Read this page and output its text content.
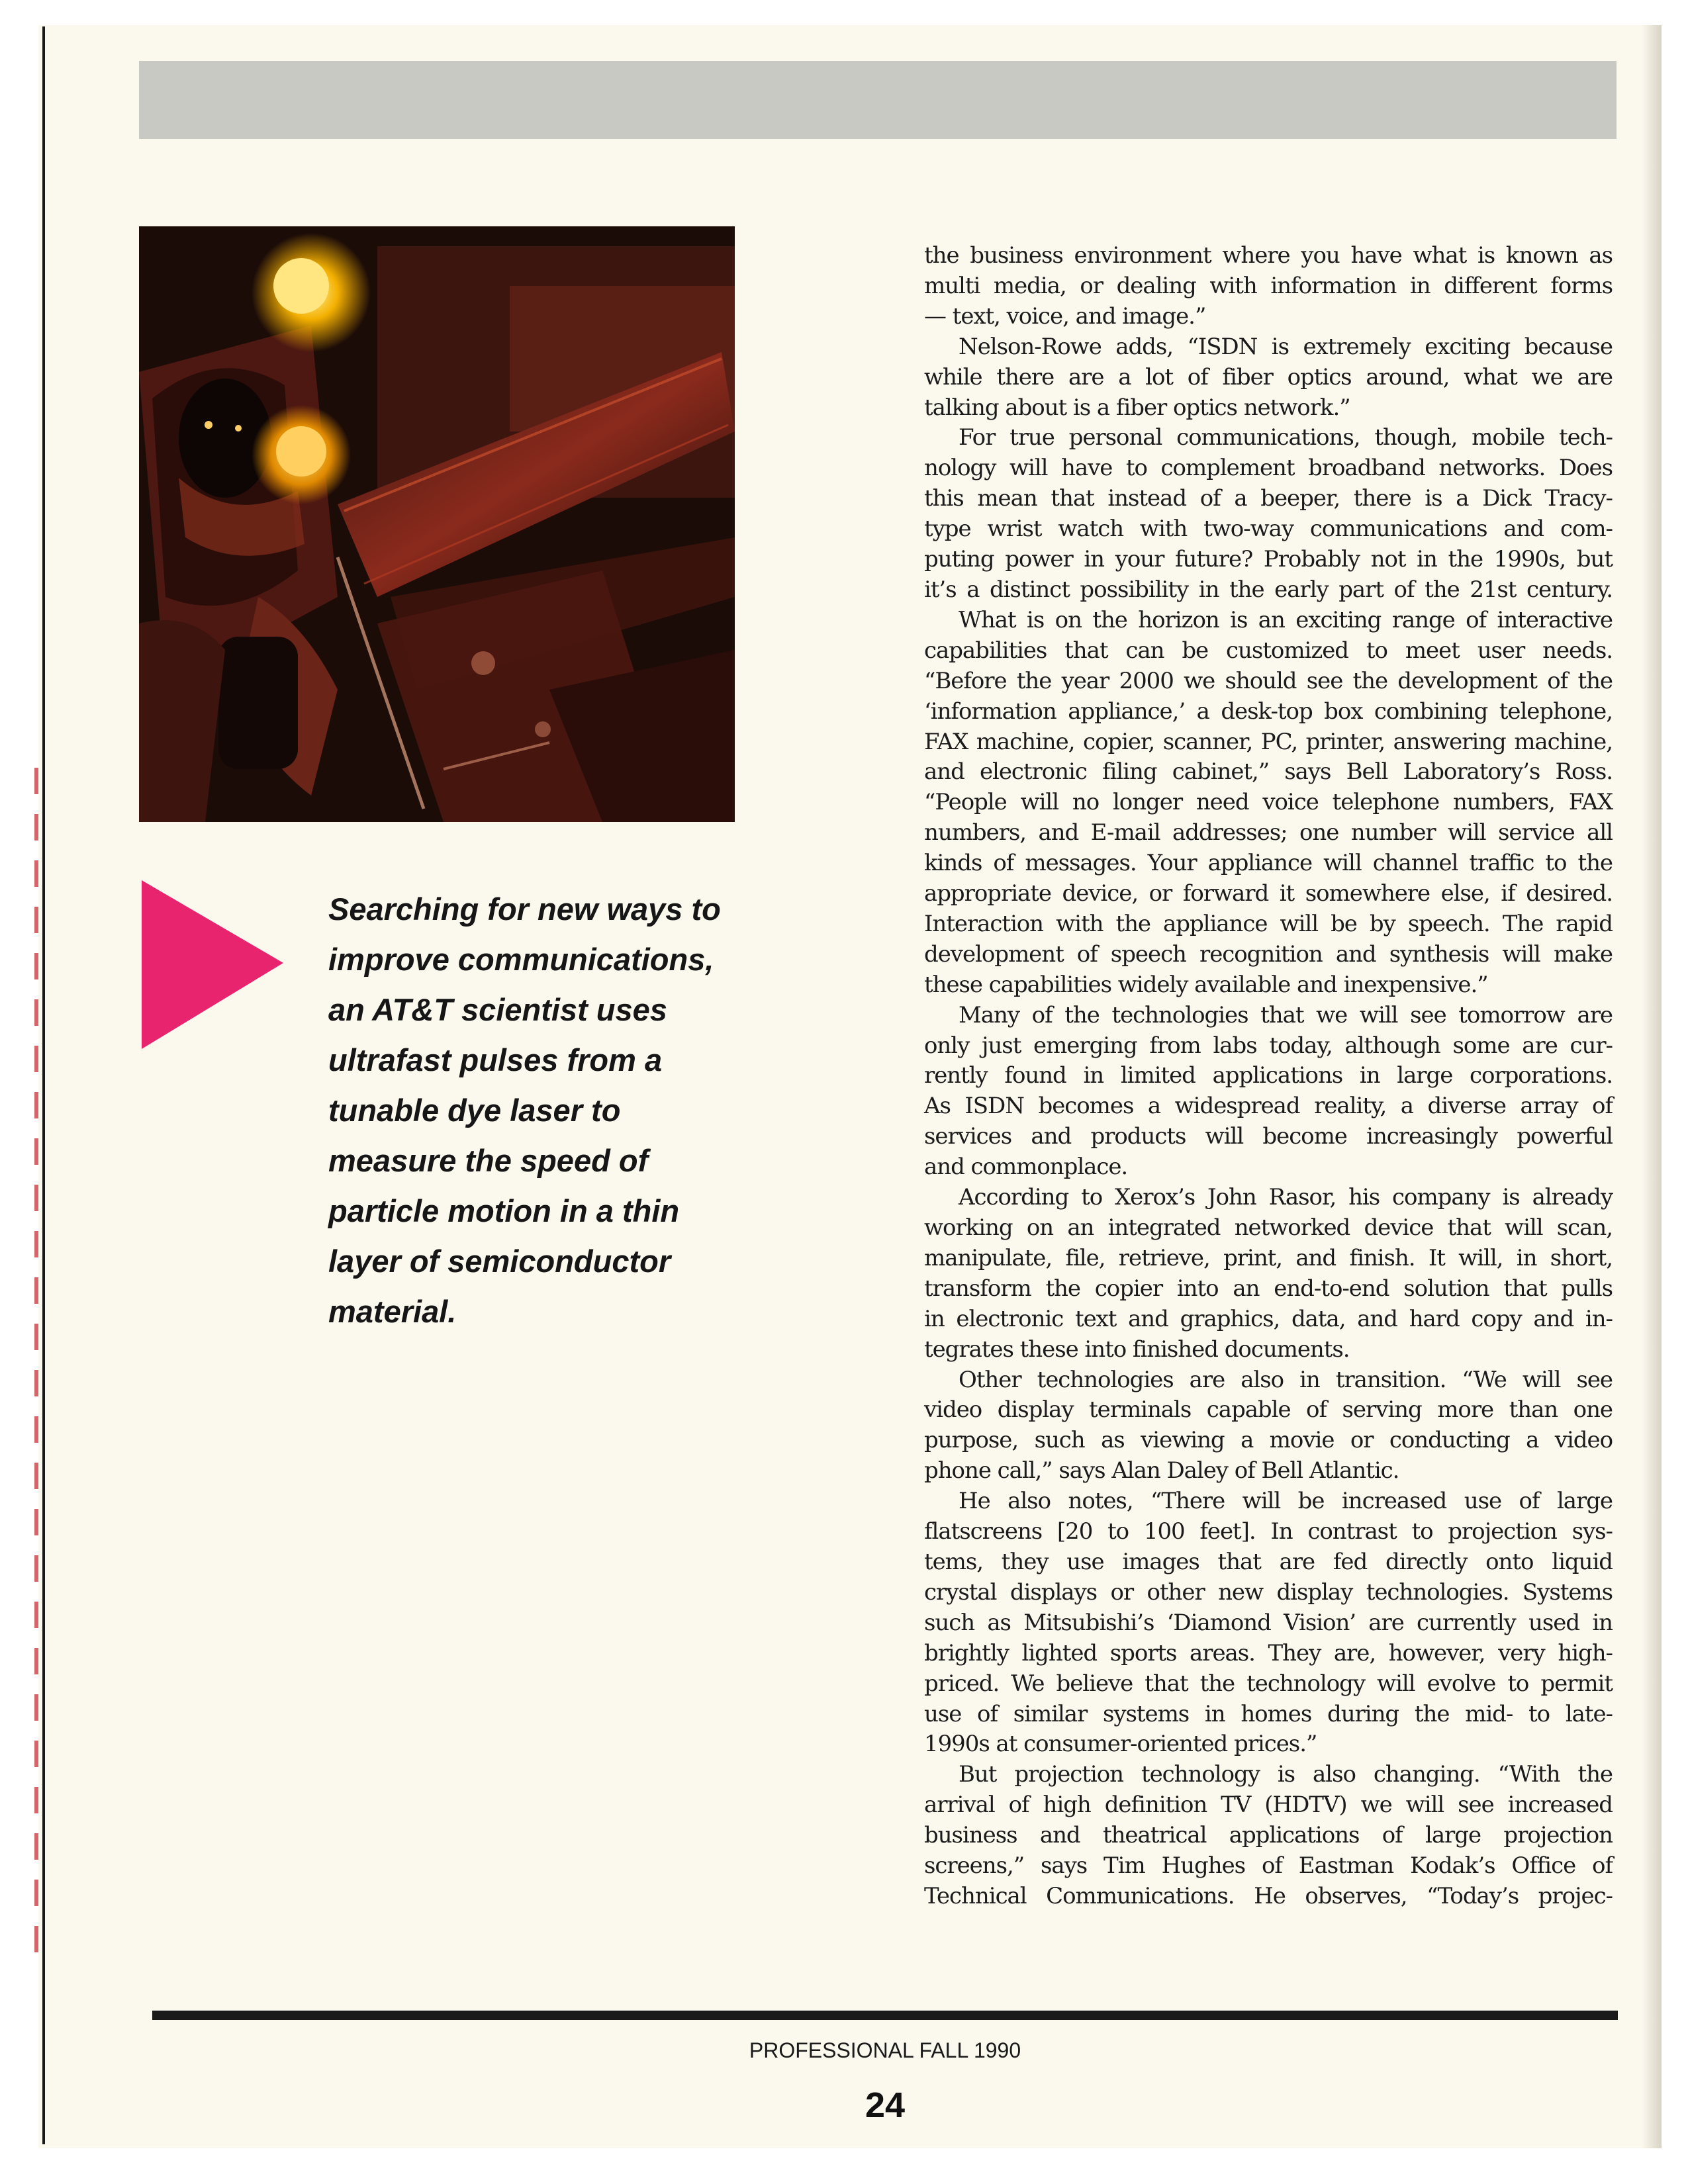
Searching for new ways to
improve communications,
an AT&T scientist uses
ultrafast pulses from a
tunable dye laser to
measure the speed of
particle motion in a thin
layer of semiconductor
material.
the business environment where you have what is known as
multi media, or dealing with information in different forms
— text, voice, and image.”
Nelson-Rowe adds, “ISDN is extremely exciting because
while there are a lot of fiber optics around, what we are
talking about is a fiber optics network.”
For true personal communications, though, mobile tech-
nology will have to complement broadband networks. Does
this mean that instead of a beeper, there is a Dick Tracy-
type wrist watch with two-way communications and com-
puting power in your future? Probably not in the 1990s, but
it’s a distinct possibility in the early part of the 21st century.
What is on the horizon is an exciting range of interactive
capabilities that can be customized to meet user needs.
“Before the year 2000 we should see the development of the
‘information appliance,’ a desk-top box combining telephone,
FAX machine, copier, scanner, PC, printer, answering machine,
and electronic filing cabinet,” says Bell Laboratory’s Ross.
“People will no longer need voice telephone numbers, FAX
numbers, and E-mail addresses; one number will service all
kinds of messages. Your appliance will channel traffic to the
appropriate device, or forward it somewhere else, if desired.
Interaction with the appliance will be by speech. The rapid
development of speech recognition and synthesis will make
these capabilities widely available and inexpensive.”
Many of the technologies that we will see tomorrow are
only just emerging from labs today, although some are cur-
rently found in limited applications in large corporations.
As ISDN becomes a widespread reality, a diverse array of
services and products will become increasingly powerful
and commonplace.
According to Xerox’s John Rasor, his company is already
working on an integrated networked device that will scan,
manipulate, file, retrieve, print, and finish. It will, in short,
transform the copier into an end-to-end solution that pulls
in electronic text and graphics, data, and hard copy and in-
tegrates these into finished documents.
Other technologies are also in transition. “We will see
video display terminals capable of serving more than one
purpose, such as viewing a movie or conducting a video
phone call,” says Alan Daley of Bell Atlantic.
He also notes, “There will be increased use of large
flatscreens [20 to 100 feet]. In contrast to projection sys-
tems, they use images that are fed directly onto liquid
crystal displays or other new display technologies. Systems
such as Mitsubishi’s ‘Diamond Vision’ are currently used in
brightly lighted sports areas. They are, however, very high-
priced. We believe that the technology will evolve to permit
use of similar systems in homes during the mid- to late-
1990s at consumer-oriented prices.”
But projection technology is also changing. “With the
arrival of high definition TV (HDTV) we will see increased
business and theatrical applications of large projection
screens,” says Tim Hughes of Eastman Kodak’s Office of
Technical Communications. He observes, “Today’s projec-
PROFESSIONAL FALL 1990
24
